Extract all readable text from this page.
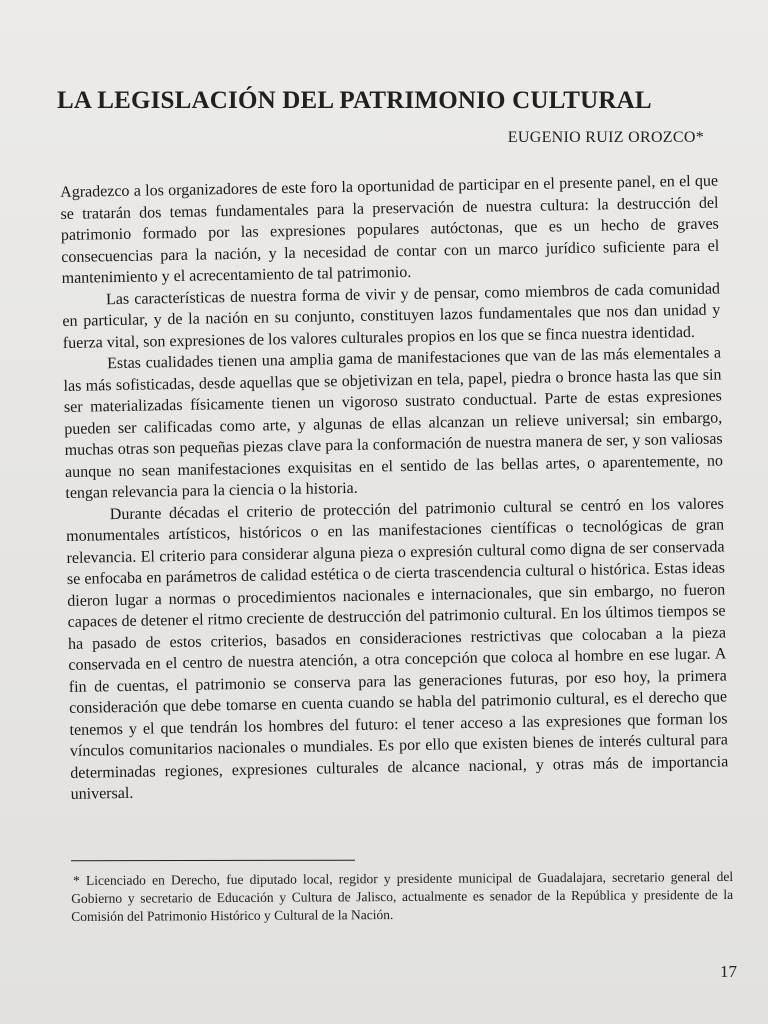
LA LEGISLACIÓN DEL PATRIMONIO CULTURAL
EUGENIO RUIZ OROZCO*

Agradezco a los organizadores de este foro la oportunidad de participar en el presente panel, en el que se tratarán dos temas fundamentales para la preservación de nuestra cultura: la destrucción del patrimonio formado por las expresiones populares autóctonas, que es un hecho de graves consecuencias para la nación, y la necesidad de contar con un marco jurídico suficiente para el mantenimiento y el acrecentamiento de tal patrimonio.

Las características de nuestra forma de vivir y de pensar, como miembros de cada comunidad en particular, y de la nación en su conjunto, constituyen lazos fundamentales que nos dan unidad y fuerza vital, son expresiones de los valores culturales propios en los que se finca nuestra identidad.

Estas cualidades tienen una amplia gama de manifestaciones que van de las más elementales a las más sofisticadas, desde aquellas que se objetivizan en tela, papel, piedra o bronce hasta las que sin ser materializadas físicamente tienen un vigoroso sustrato conductual. Parte de estas expresiones pueden ser calificadas como arte, y algunas de ellas alcanzan un relieve universal; sin embargo, muchas otras son pequeñas piezas clave para la conformación de nuestra manera de ser, y son valiosas aunque no sean manifestaciones exquisitas en el sentido de las bellas artes, o aparentemente, no tengan relevancia para la ciencia o la historia.

Durante décadas el criterio de protección del patrimonio cultural se centró en los valores monumentales artísticos, históricos o en las manifestaciones científicas o tecnológicas de gran relevancia. El criterio para considerar alguna pieza o expresión cultural como digna de ser conservada se enfocaba en parámetros de calidad estética o de cierta trascendencia cultural o histórica. Estas ideas dieron lugar a normas o procedimientos nacionales e internacionales, que sin embargo, no fueron capaces de detener el ritmo creciente de destrucción del patrimonio cultural. En los últimos tiempos se ha pasado de estos criterios, basados en consideraciones restrictivas que colocaban a la pieza conservada en el centro de nuestra atención, a otra concepción que coloca al hombre en ese lugar. A fin de cuentas, el patrimonio se conserva para las generaciones futuras, por eso hoy, la primera consideración que debe tomarse en cuenta cuando se habla del patrimonio cultural, es el derecho que tenemos y el que tendrán los hombres del futuro: el tener acceso a las expresiones que forman los vínculos comunitarios nacionales o mundiales. Es por ello que existen bienes de interés cultural para determinadas regiones, expresiones culturales de alcance nacional, y otras más de importancia universal.

* Licenciado en Derecho, fue diputado local, regidor y presidente municipal de Guadalajara, secretario general del Gobierno y secretario de Educación y Cultura de Jalisco, actualmente es senador de la República y presidente de la Comisión del Patrimonio Histórico y Cultural de la Nación.
17
